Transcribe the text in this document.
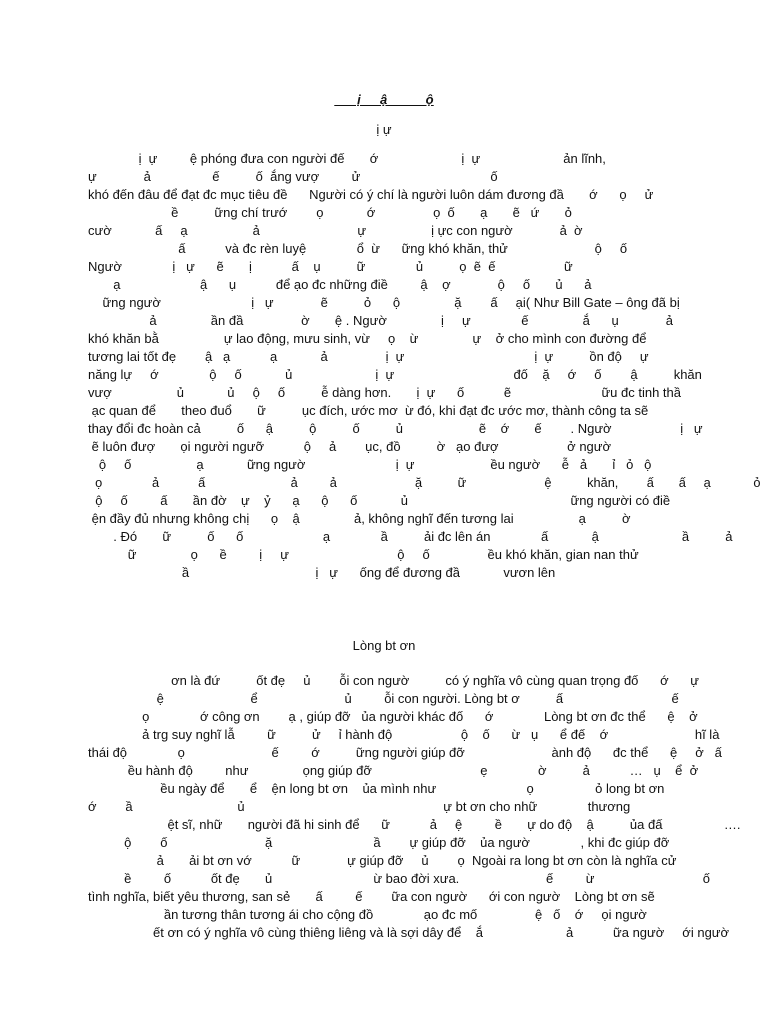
ị     ậ          ộ
ị ự
ị  ự         ệ phóng đưa con người đế       ớ                       ị  ự                       ản lĩnh,
ự             ả                 ế          ố  ắng vượ         ử                                    ố
khó đến đâu để đạt đc mục tiêu đề      Người có ý chí là người luôn dám đương đầ       ớ      ọ     ử
ề          ững chí trướ        ọ            ớ                ọ  ố       ạ       ẽ   ứ       ỏ
cườ            ấ     ạ                  ả                           ự                  ị ực con ngườ             ả  ờ
ấ           và đc rèn luyệ              ổ  ừ      ững khó khăn, thử                        ộ     ố
Ngườ              ị   ự      ẽ       ị           ấ    ụ          ữ              ủ          ọ  ẽ  ế                   ữ
ạ                      ậ      ụ           để ạo đc những điề         ậ    ợ             ộ     ố       ủ      ả
ững ngườ                         ị   ự             ẽ          ỏ      ộ               ặ        ấ     ại( Như Bill Gate – ông đã bị
ả               ần đầ                ờ       ệ . Ngườ               ị     ự              ế               ắ      ụ             ả
khó khăn bằ                  ự lao động, mưu sinh, vừ     ọ    ừ               ự    ở cho mình con đường để
tương lai tốt đẹ        ậ   ạ           ạ            ả                ị  ự                                    ị  ự          ồn độ     ự
năng lự     ớ              ộ     ố            ủ                       ị  ự                                 đố    ặ     ớ     ố        ậ          khăn
vượ                  ủ            ủ     ộ     ố          ễ dàng hơn.       ị  ự      ố           ẽ                         ữu đc tinh thầ
ạc quan để       theo đuổ       ữ          ục đích, ước mơ  ừ đó, khi đạt đc ước mơ, thành công ta sẽ
thay đổi đc hoàn cả          ố      ậ          ộ          ố          ủ                     ẽ    ớ       ế        . Ngườ                   ị   ự
ẽ luôn đượ       ọi người ngưỡ           ộ     ả        ục, đồ          ờ   ạo đượ                   ở ngườ
ộ     ố                  ạ            ững ngườ                         ị  ự                     ều ngườ      ễ   ả       ỉ   ỏ   ộ
ọ              ả           ấ                        ả         ả                      ặ          ữ                      ệ          khăn,        ấ       ấ     ạ            ỏ
ộ     ố         ấ       ần đờ    ự    ỷ      ạ      ộ      ố            ủ                                             ững người có điề
ện đầy đủ nhưng không chị      ọ    ậ               ả, không nghĩ đến tương lai                  ạ          ờ
. Đó       ữ          ố      ố                      ạ              ầ          ải đc lên án              ấ            ậ                       ầ          ả
ữ               ọ      ề         ị     ự                              ộ     ố                ều khó khăn, gian nan thử
ầ                                   ị   ự      ống để đương đầ            vươn lên
Lòng bt ơn
ơn là đứ          ốt đẹ     ủ        ỗi con ngườ          có ý nghĩa vô cùng quan trọng đố      ớ      ự
ệ                        ể                        ủ         ỗi con người. Lòng bt ơ          ấ                              ế
ọ              ớ công ơn        ạ , giúp đỡ   ủa người khác đố      ớ              Lòng bt ơn đc thể      ệ    ở
ả trg suy nghĩ lẫ         ữ          ử     ỉ hành độ                   ộ    ố      ừ   ụ      ể đế    ớ                        hĩ là
thái độ              ọ                        ế         ớ          ững người giúp đỡ                        ành độ      đc thể      ệ     ở   ấ
ều hành độ         như               ọng giúp đỡ                              ẹ              ờ          ả           …   ụ    ể  ở
ều ngày để       ể    ện long bt ơn    ủa mình như                         ọ                 ỏ long bt ơn
ớ        ầ                             ủ                                                       ự bt ơn cho nhữ              thương
ệt sĩ, nhữ       người đã hi sinh để      ữ           ả     ệ         ề       ự do độ    ậ          ủa đấ                 ….
ộ        ố                           ặ                            ầ        ự giúp đỡ    ủa ngườ              , khi đc giúp đỡ
ả       ải bt ơn vớ           ữ             ự giúp đỡ     ủ        ọ  Ngoài ra long bt ơn còn là nghĩa cử
ề         ố           ốt đẹ       ủ                            ừ bao đời xưa.                        ế         ừ                              ố
tình nghĩa, biết yêu thương, san sẻ       ấ         ế        ữa con ngườ      ới con ngườ    Lòng bt ơn sẽ
ần tương thân tương ái cho cộng đồ              ạo đc mố                ệ   ố    ớ     ọi ngườ
ết ơn có ý nghĩa vô cùng thiêng liêng và là sợi dây để    ắ                       ả           ữa ngườ     ới ngườ
